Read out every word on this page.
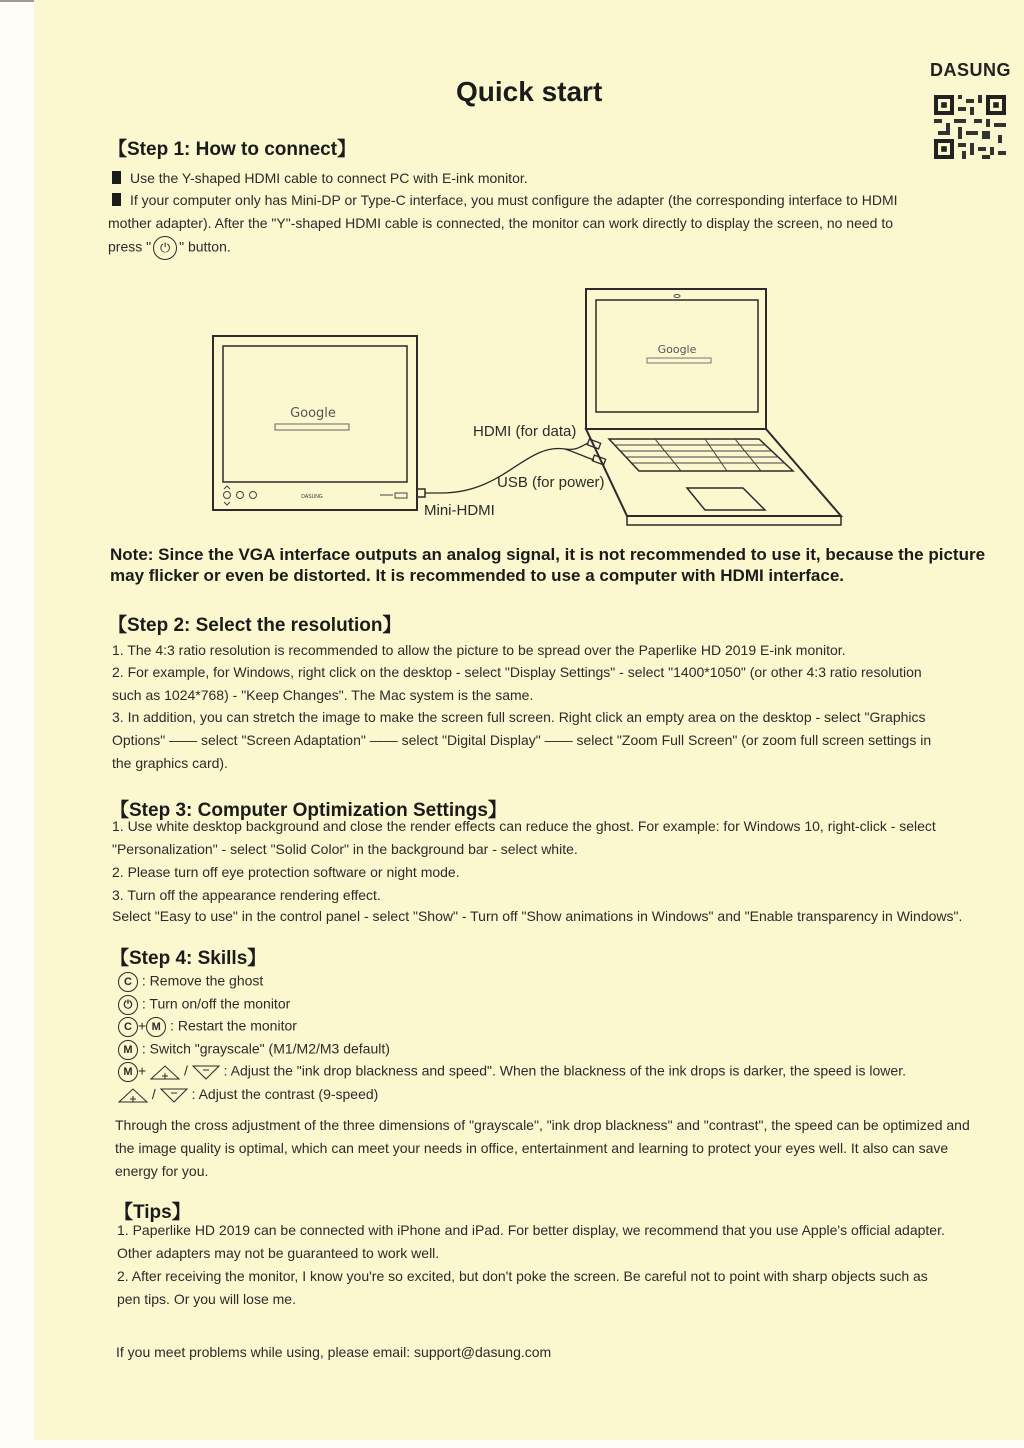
DASUNG
Quick start
【Step 1: How to connect】
Use the Y-shaped HDMI cable to connect PC with E-ink monitor.
If your computer only has Mini-DP or Type-C interface, you must configure the adapter (the corresponding interface to HDMI
mother adapter). After the "Y"-shaped HDMI cable is connected, the monitor can work directly to display the screen, no need to
press " ⏻ " button.
Google
DASUNG
Google
HDMI (for data)
USB (for power)
Mini-HDMI
Note: Since the VGA interface outputs an analog signal, it is not recommended to use it, because the picture may flicker or even be distorted. It is recommended to use a computer with HDMI interface.
【Step 2: Select the resolution】
1. The 4:3 ratio resolution is recommended to allow the picture to be spread over the Paperlike HD 2019 E-ink monitor.
2. For example, for Windows, right click on the desktop - select "Display Settings" - select "1400*1050" (or other 4:3 ratio resolution
such as 1024*768) - "Keep Changes". The Mac system is the same.
3. In addition, you can stretch the image to make the screen full screen. Right click an empty area on the desktop - select "Graphics
Options" —— select "Screen Adaptation" —— select "Digital Display" —— select "Zoom Full Screen" (or zoom full screen settings in
the graphics card).
【Step 3: Computer Optimization Settings】
1. Use white desktop background and close the render effects can reduce the ghost. For example: for Windows 10, right-click - select
"Personalization" - select "Solid Color" in the background bar - select white.
2. Please turn off eye protection software or night mode.
3. Turn off the appearance rendering effect.
Select "Easy to use" in the control panel - select "Show" - Turn off "Show animations in Windows" and "Enable transparency in Windows".
【Step 4: Skills】
C : Remove the ghost
⏻ : Turn on/off the monitor
C + M : Restart the monitor
M : Switch "grayscale" (M1/M2/M3 default)
M +	/	: Adjust the "ink drop blackness and speed". When the blackness of the ink drops is darker, the speed is lower.
/	: Adjust the contrast (9-speed)
Through the cross adjustment of the three dimensions of "grayscale", "ink drop blackness" and "contrast", the speed can be optimized and
the image quality is optimal, which can meet your needs in office, entertainment and learning to protect your eyes well. It also can save
energy for you.
【Tips】
1. Paperlike HD 2019 can be connected with iPhone and iPad. For better display, we recommend that you use Apple's official adapter.
Other adapters may not be guaranteed to work well.
2. After receiving the monitor, I know you're so excited, but don't poke the screen. Be careful not to point with sharp objects such as
pen tips. Or you will lose me.
If you meet problems while using, please email: support@dasung.com
